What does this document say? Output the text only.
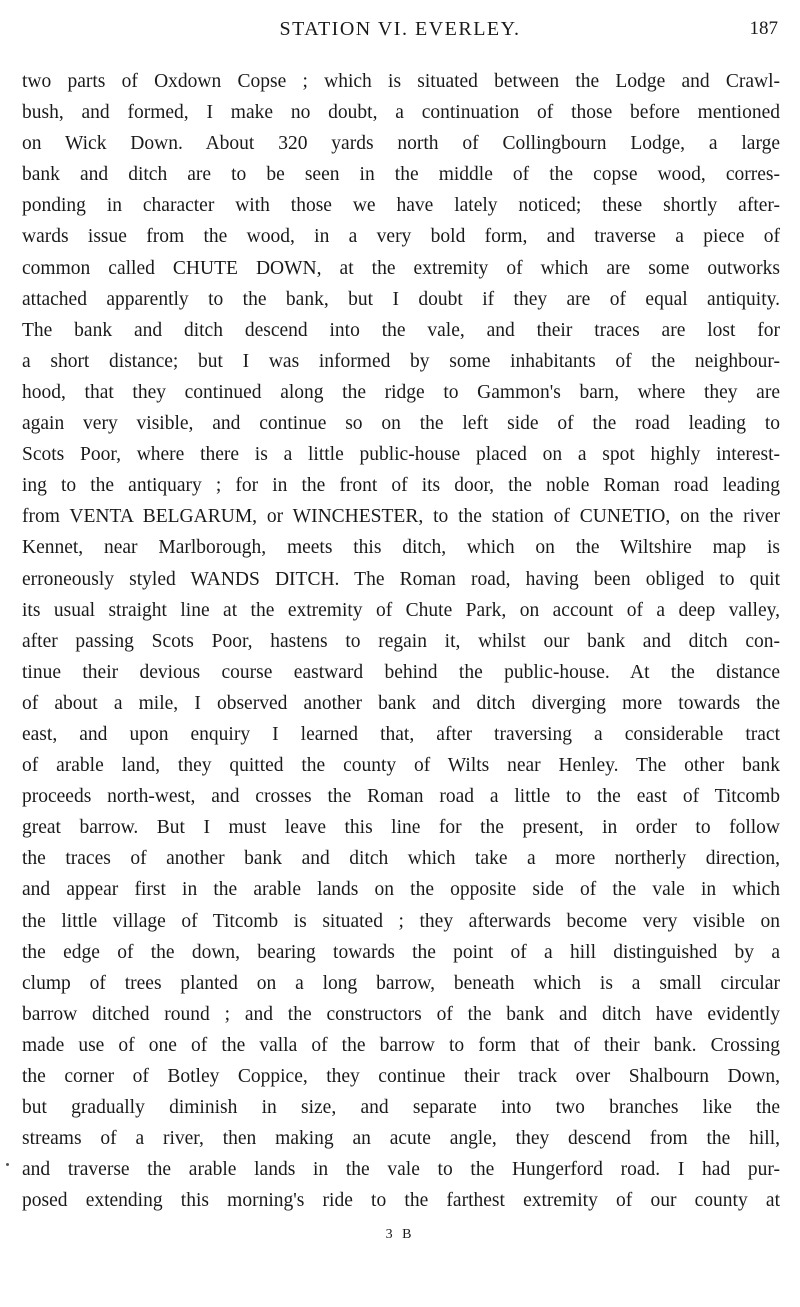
STATION VI. EVERLEY.	187
two parts of Oxdown Copse ; which is situated between the Lodge and Crawl-
bush, and formed, I make no doubt, a continuation of those before mentioned
on Wick Down. About 320 yards north of Collingbourn Lodge, a large
bank and ditch are to be seen in the middle of the copse wood, corres-
ponding in character with those we have lately noticed; these shortly after-
wards issue from the wood, in a very bold form, and traverse a piece of
common called CHUTE DOWN, at the extremity of which are some outworks
attached apparently to the bank, but I doubt if they are of equal antiquity.
The bank and ditch descend into the vale, and their traces are lost for
a short distance; but I was informed by some inhabitants of the neighbour-
hood, that they continued along the ridge to Gammon's barn, where they are
again very visible, and continue so on the left side of the road leading to
Scots Poor, where there is a little public-house placed on a spot highly interest-
ing to the antiquary ; for in the front of its door, the noble Roman road leading
from VENTA BELGARUM, or WINCHESTER, to the station of CUNETIO, on the river
Kennet, near Marlborough, meets this ditch, which on the Wiltshire map is
erroneously styled WANDS DITCH. The Roman road, having been obliged to quit
its usual straight line at the extremity of Chute Park, on account of a deep valley,
after passing Scots Poor, hastens to regain it, whilst our bank and ditch con-
tinue their devious course eastward behind the public-house. At the distance
of about a mile, I observed another bank and ditch diverging more towards the
east, and upon enquiry I learned that, after traversing a considerable tract
of arable land, they quitted the county of Wilts near Henley. The other bank
proceeds north-west, and crosses the Roman road a little to the east of Titcomb
great barrow. But I must leave this line for the present, in order to follow
the traces of another bank and ditch which take a more northerly direction,
and appear first in the arable lands on the opposite side of the vale in which
the little village of Titcomb is situated ; they afterwards become very visible on
the edge of the down, bearing towards the point of a hill distinguished by a
clump of trees planted on a long barrow, beneath which is a small circular
barrow ditched round ; and the constructors of the bank and ditch have evidently
made use of one of the valla of the barrow to form that of their bank. Crossing
the corner of Botley Coppice, they continue their track over Shalbourn Down,
but gradually diminish in size, and separate into two branches like the
streams of a river, then making an acute angle, they descend from the hill,
and traverse the arable lands in the vale to the Hungerford road. I had pur-
posed extending this morning's ride to the farthest extremity of our county at
3 B
